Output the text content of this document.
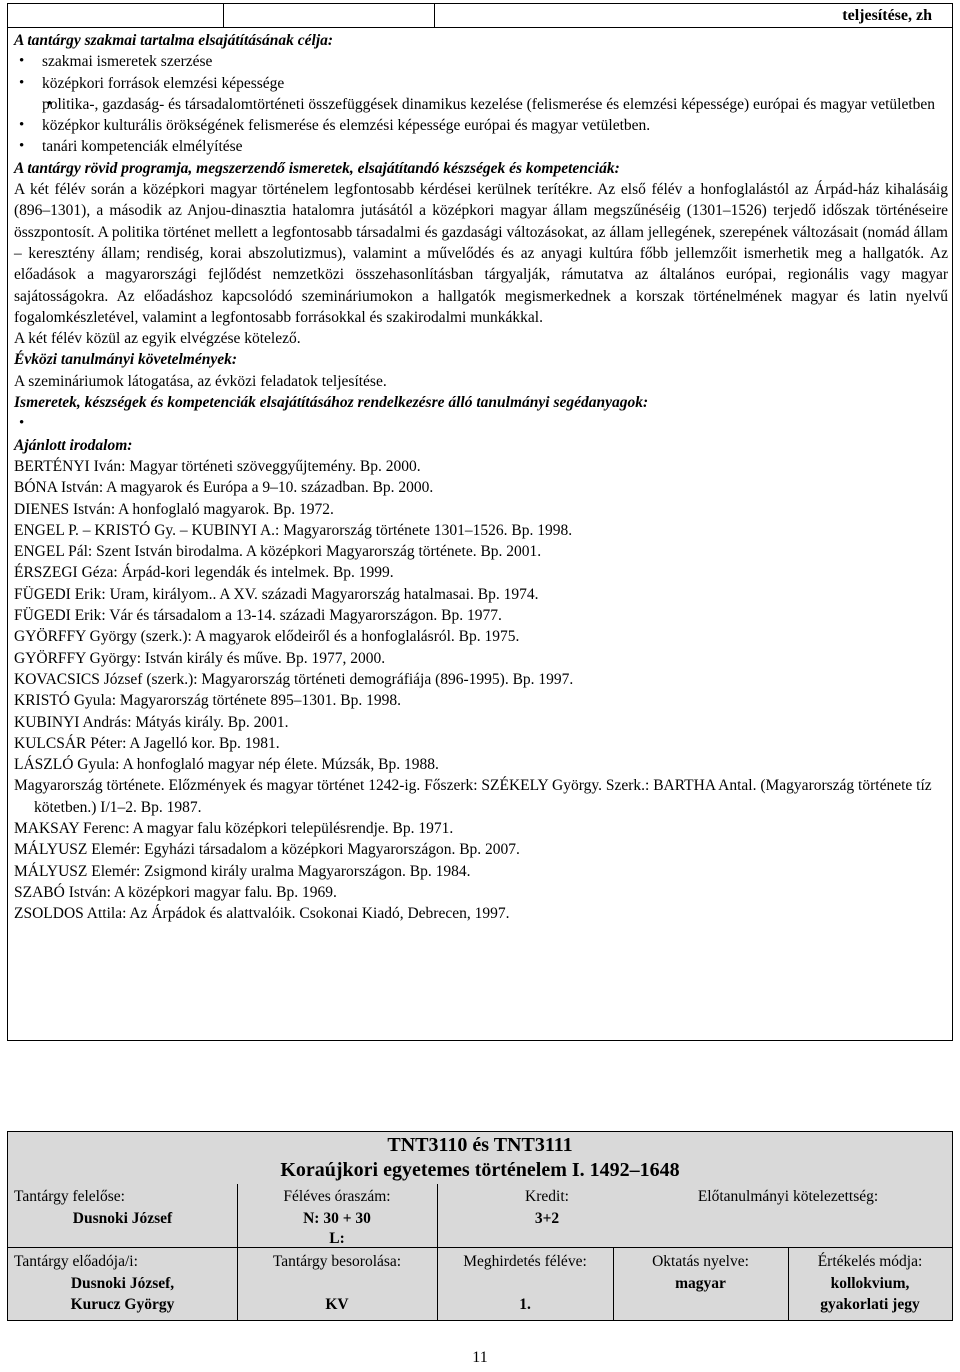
teljesítése, zh
A tantárgy szakmai tartalma elsajátításának célja:
• szakmai ismeretek szerzése
• középkori források elemzési képessége
• politika-, gazdaság- és társadalomtörténeti összefüggések dinamikus kezelése (felismerése és elemzési képessége) európai és magyar vetületben
• középkor kulturális örökségének felismerése és elemzési képessége európai és magyar vetületben.
• tanári kompetenciák elmélyítése
A tantárgy rövid programja, megszerzendő ismeretek, elsajátítandó készségek és kompetenciák:
A két félév során a középkori magyar történelem legfontosabb kérdései kerülnek terítékre. Az első félév a honfoglalástól az Árpád-ház kihalásáig (896–1301), a második az Anjou-dinasztia hatalomra jutásától a középkori magyar állam megszűnéséig (1301–1526) terjedő időszak történéseire összpontosít. A politika történet mellett a legfontosabb társadalmi és gazdasági változásokat, az állam jellegének, szerepének változásait (nomád állam – keresztény állam; rendiség, korai abszolutizmus), valamint a művelődés és az anyagi kultúra főbb jellemzőit ismerhetik meg a hallgatók. Az előadások a magyarországi fejlődést nemzetközi összehasonlításban tárgyalják, rámutatva az általános európai, regionális vagy magyar sajátosságokra. Az előadáshoz kapcsolódó szemináriumokon a hallgatók megismerkednek a korszak történelmének magyar és latin nyelvű fogalomkészletével, valamint a legfontosabb forrásokkal és szakirodalmi munkákkal.
A két félév közül az egyik elvégzése kötelező.
Évközi tanulmányi követelmények:
A szemináriumok látogatása, az évközi feladatok teljesítése.
Ismeretek, készségek és kompetenciák elsajátításához rendelkezésre álló tanulmányi segédanyagok:
•
Ajánlott irodalom:
BERTÉNYI Iván: Magyar történeti szöveggyűjtemény. Bp. 2000.
BÓNA István: A magyarok és Európa a 9–10. században. Bp. 2000.
DIENES István: A honfoglaló magyarok. Bp. 1972.
ENGEL P. – KRISTÓ Gy. – KUBINYI A.: Magyarország története 1301–1526. Bp. 1998.
ENGEL Pál: Szent István birodalma. A középkori Magyarország története. Bp. 2001.
ÉRSZEGI Géza: Árpád-kori legendák és intelmek. Bp. 1999.
FÜGEDI Erik: Uram, királyom.. A XV. századi Magyarország hatalmasai. Bp. 1974.
FÜGEDI Erik: Vár és társadalom a 13-14. századi Magyarországon. Bp. 1977.
GYÖRFFY György (szerk.): A magyarok elődeiről és a honfoglalásról. Bp. 1975.
GYÖRFFY György: István király és műve. Bp. 1977, 2000.
KOVACSICS József (szerk.): Magyarország történeti demográfiája (896-1995). Bp. 1997.
KRISTÓ Gyula: Magyarország története 895–1301. Bp. 1998.
KUBINYI András: Mátyás király. Bp. 2001.
KULCSÁR Péter: A Jagelló kor. Bp. 1981.
LÁSZLÓ Gyula: A honfoglaló magyar nép élete. Múzsák, Bp. 1988.
Magyarország története. Előzmények és magyar történet 1242-ig. Főszerk: SZÉKELY György. Szerk.: BARTHA Antal. (Magyarország története tíz kötetben.) I/1–2. Bp. 1987.
MAKSAY Ferenc: A magyar falu középkori településrendje. Bp. 1971.
MÁLYUSZ Elemér: Egyházi társadalom a középkori Magyarországon. Bp. 2007.
MÁLYUSZ Elemér: Zsigmond király uralma Magyarországon. Bp. 1984.
SZABÓ István: A középkori magyar falu. Bp. 1969.
ZSOLDOS Attila: Az Árpádok és alattvalóik. Csokonai Kiadó, Debrecen, 1997.
TNT3110 és TNT3111
Koraújkori egyetemes történelem I. 1492–1648
Tantárgy felelőse:
Dusnoki József
Féléves óraszám:
N: 30 + 30
L:
Kredit:
3+2
Előtanulmányi kötelezettség:
Tantárgy előadója/i:
Dusnoki József,
Kurucz György
Tantárgy besorolása:
KV
Meghirdetés féléve:
1.
Oktatás nyelve:
magyar
Értékelés módja:
kollokvium,
gyakorlati jegy
11
